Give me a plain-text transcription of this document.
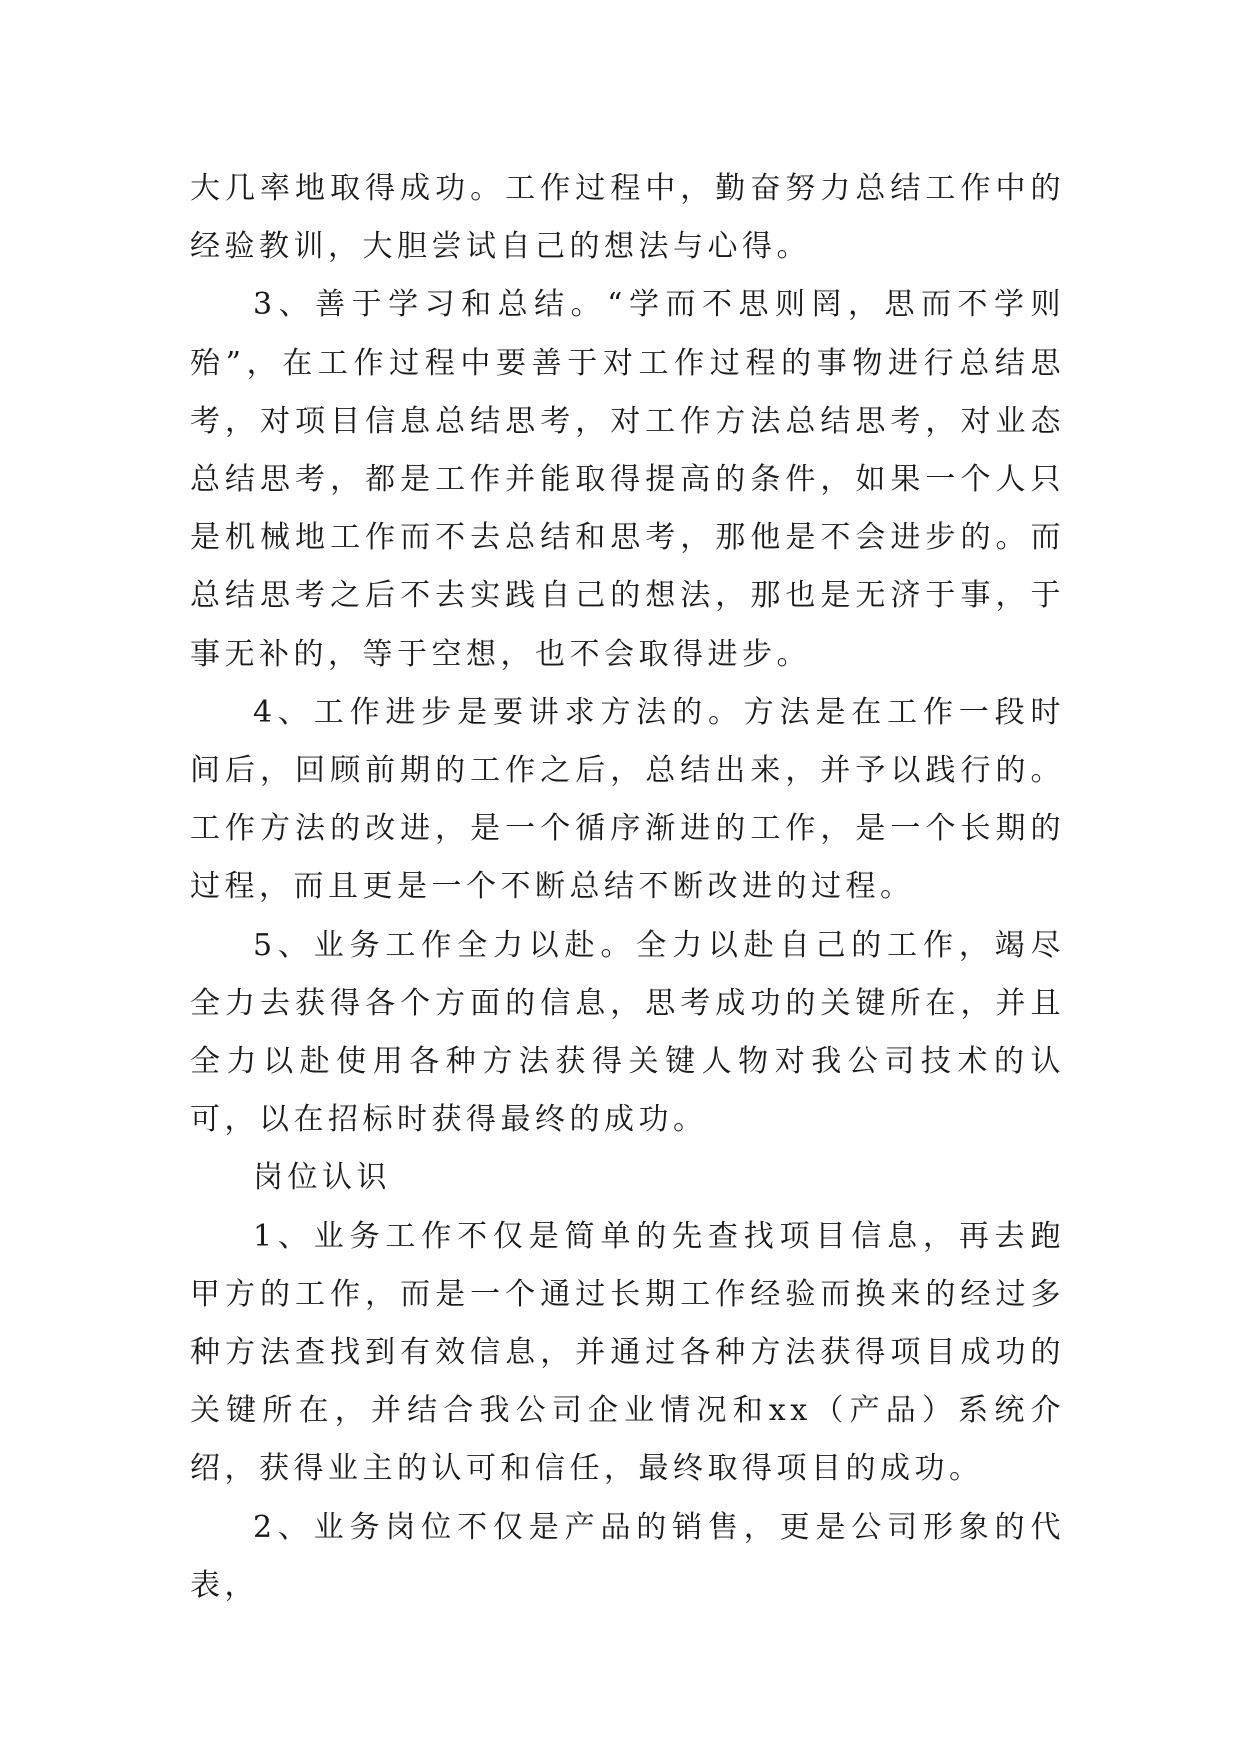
大几率地取得成功。工作过程中，勤奋努力总结工作中的经验教训，大胆尝试自己的想法与心得。

3、善于学习和总结。“学而不思则罔，思而不学则殆”，在工作过程中要善于对工作过程的事物进行总结思考，对项目信息总结思考，对工作方法总结思考，对业态总结思考，都是工作并能取得提高的条件，如果一个人只是机械地工作而不去总结和思考，那他是不会进步的。而总结思考之后不去实践自己的想法，那也是无济于事，于事无补的，等于空想，也不会取得进步。

4、工作进步是要讲求方法的。方法是在工作一段时间后，回顾前期的工作之后，总结出来，并予以践行的。工作方法的改进，是一个循序渐进的工作，是一个长期的过程，而且更是一个不断总结不断改进的过程。

5、业务工作全力以赴。全力以赴自己的工作，竭尽全力去获得各个方面的信息，思考成功的关键所在，并且全力以赴使用各种方法获得关键人物对我公司技术的认可，以在招标时获得最终的成功。

岗位认识

1、业务工作不仅是简单的先查找项目信息，再去跑甲方的工作，而是一个通过长期工作经验而换来的经过多种方法查找到有效信息，并通过各种方法获得项目成功的关键所在，并结合我公司企业情况和xx（产品）系统介绍，获得业主的认可和信任，最终取得项目的成功。

2、业务岗位不仅是产品的销售，更是公司形象的代表，
